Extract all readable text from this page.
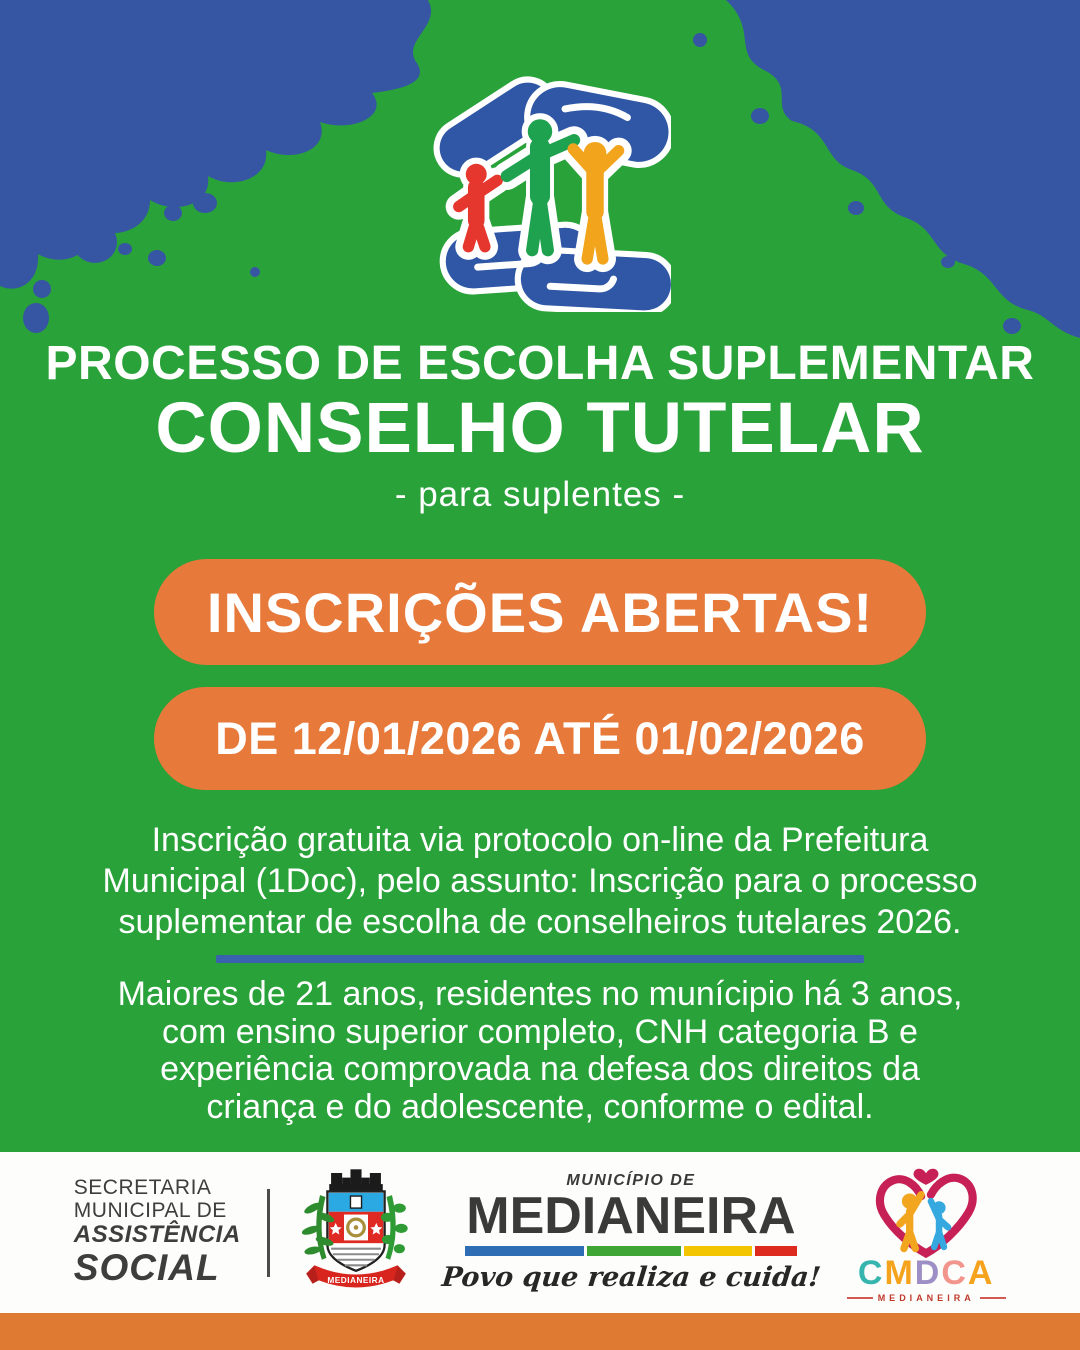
PROCESSO DE ESCOLHA SUPLEMENTAR
CONSELHO TUTELAR
- para suplentes -
INSCRIÇÕES ABERTAS!
DE 12/01/2026 ATÉ 01/02/2026
Inscrição gratuita via protocolo on-line da Prefeitura
Municipal (1Doc), pelo assunto: Inscrição para o processo
suplementar de escolha de conselheiros tutelares 2026.
Maiores de 21 anos, residentes no munícipio há 3 anos,
com ensino superior completo, CNH categoria B e
experiência comprovada na defesa dos direitos da
criança e do adolescente, conforme o edital.
SECRETARIA
MUNICIPAL DE
ASSISTÊNCIA
SOCIAL	MEDIANEIRA
MUNICÍPIO DE
MEDIANEIRA
Povo que realiza e cuida! CMDCA
MEDIANEIRA
